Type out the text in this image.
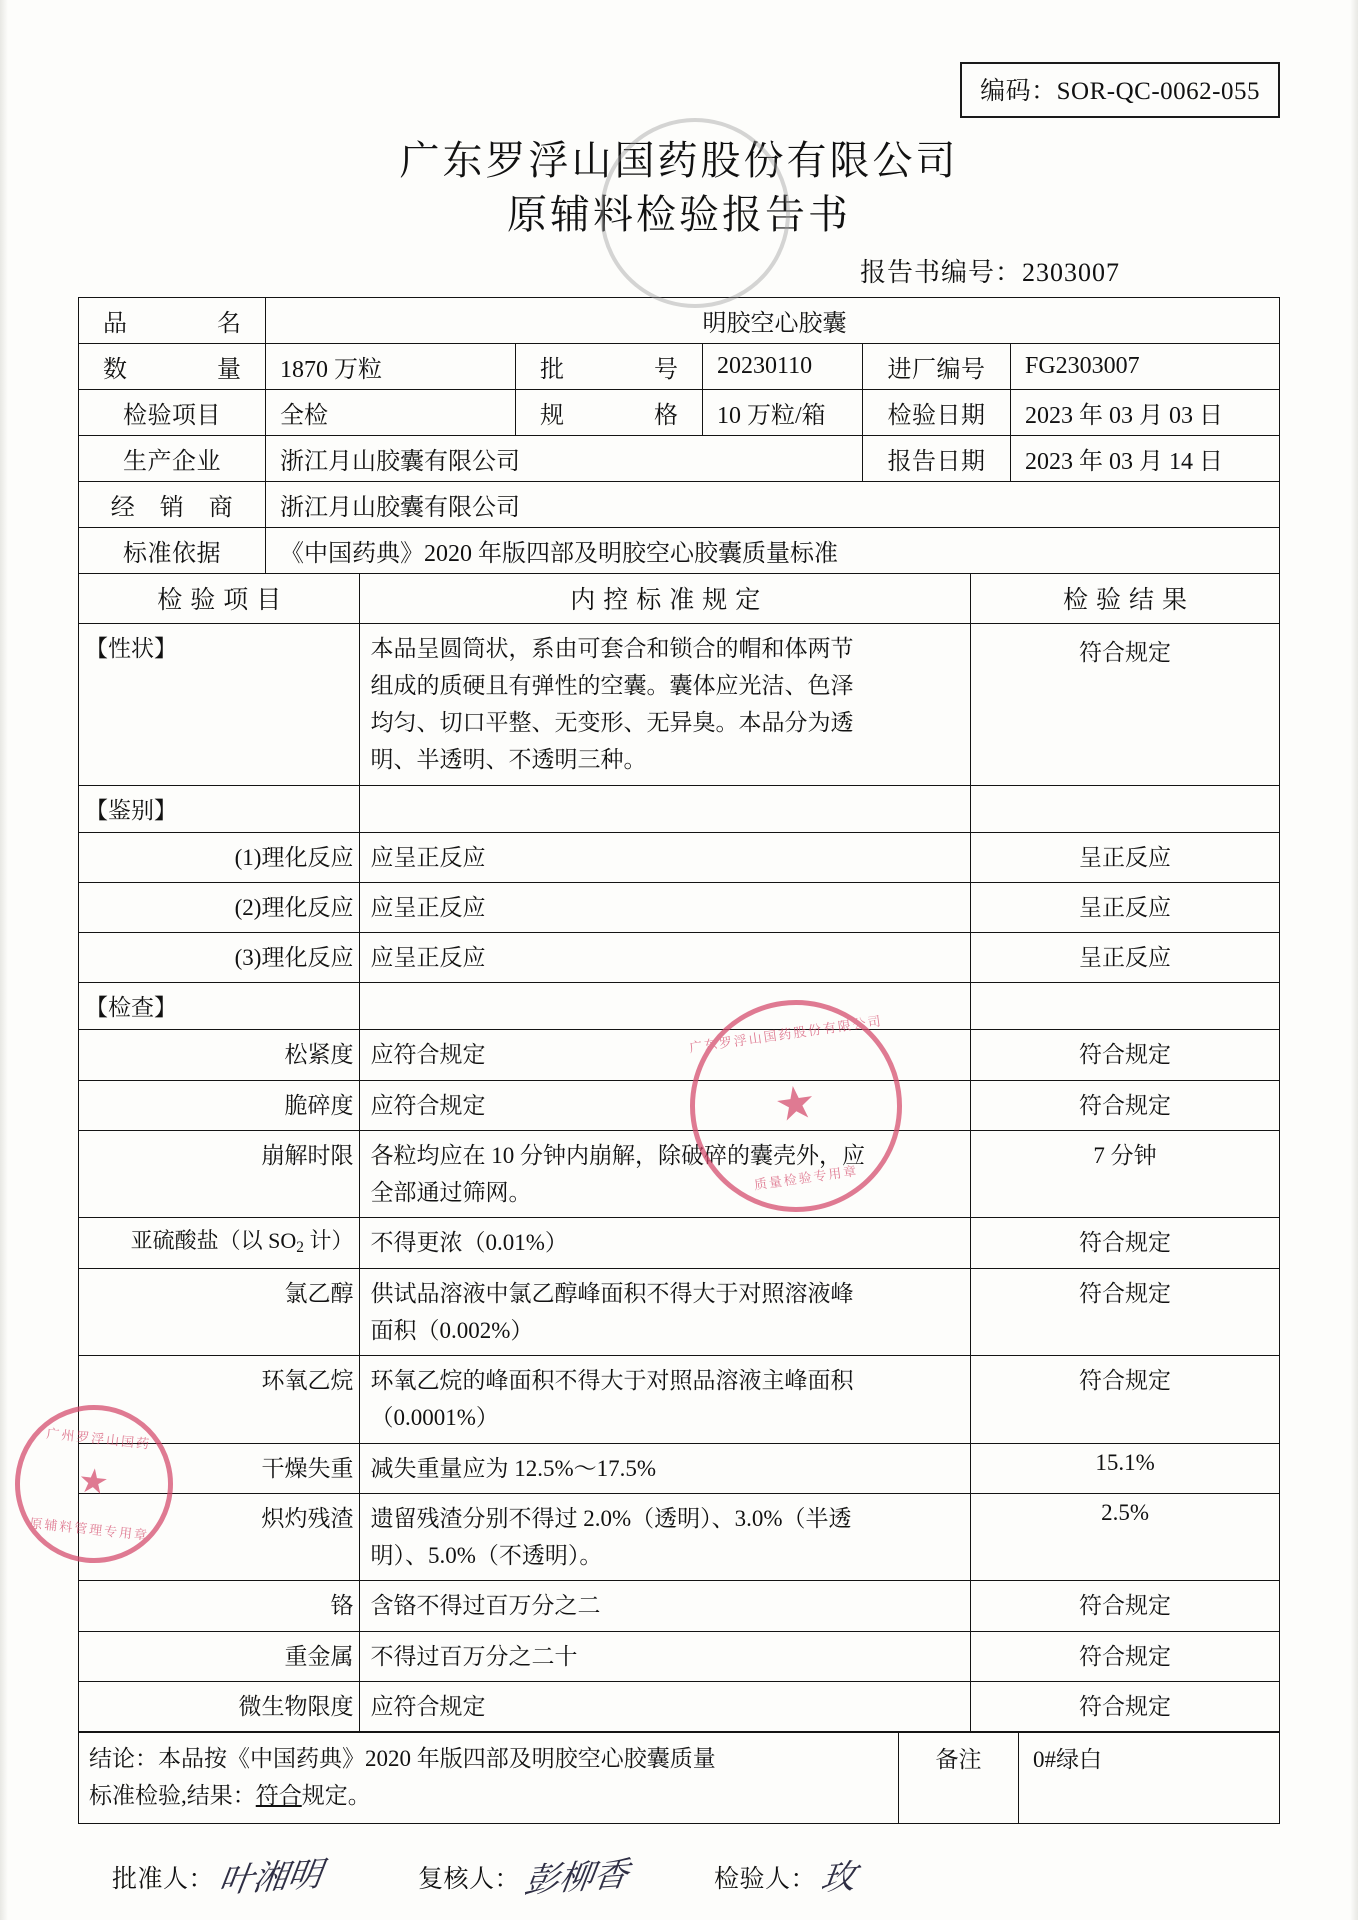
编码：SOR-QC-0062-055
广东罗浮山国药股份有限公司
原辅料检验报告书
报告书编号：2303007
品　　名	明胶空心胶囊				
数　　量	1870 万粒	批　　号	20230110	进厂编号	FG2303007
检验项目	全检	规　　格	10 万粒/箱	检验日期	2023 年 03 月 03 日
生产企业	浙江月山胶囊有限公司			报告日期	2023 年 03 月 14 日
经　销　商	浙江月山胶囊有限公司				
标准依据	《中国药典》2020 年版四部及明胶空心胶囊质量标准				
检验项目	内控标准规定	检验结果
【性状】	本品呈圆筒状，系由可套合和锁合的帽和体两节
组成的质硬且有弹性的空囊。囊体应光洁、色泽
均匀、切口平整、无变形、无异臭。本品分为透
明、半透明、不透明三种。	符合规定
【鉴别】	

(1)理化反应	应呈正反应	呈正反应
(2)理化反应	应呈正反应	呈正反应
(3)理化反应	应呈正反应	呈正反应
【检查】	

松紧度	应符合规定	符合规定
脆碎度	应符合规定	符合规定
崩解时限	各粒均应在 10 分钟内崩解，除破碎的囊壳外，应
全部通过筛网。	7 分钟
亚硫酸盐（以 $SO_2$ 计）	不得更浓（0.01%）	符合规定
氯乙醇	供试品溶液中氯乙醇峰面积不得大于对照溶液峰
面积（0.002%）	符合规定
环氧乙烷	环氧乙烷的峰面积不得大于对照品溶液主峰面积
（0.0001%）	符合规定
干燥失重	减失重量应为 12.5%～17.5%	15.1%
炽灼残渣	遗留残渣分别不得过 2.0%（透明）、3.0%（半透
明）、5.0%（不透明）。	2.5%
铬	含铬不得过百万分之二	符合规定
重金属	不得过百万分之二十	符合规定
微生物限度	应符合规定	符合规定
结论：本品按《中国药典》2020 年版四部及明胶空心胶囊质量
标准检验,结果：符合规定。
	备注	0#绿白
批准人： 叶湘明	复核人： 彭柳香	检验人： 玫
广东罗浮山国药股份有限公司
★
质量检验专用章
广州罗浮山国药
★
原辅料管理专用章
